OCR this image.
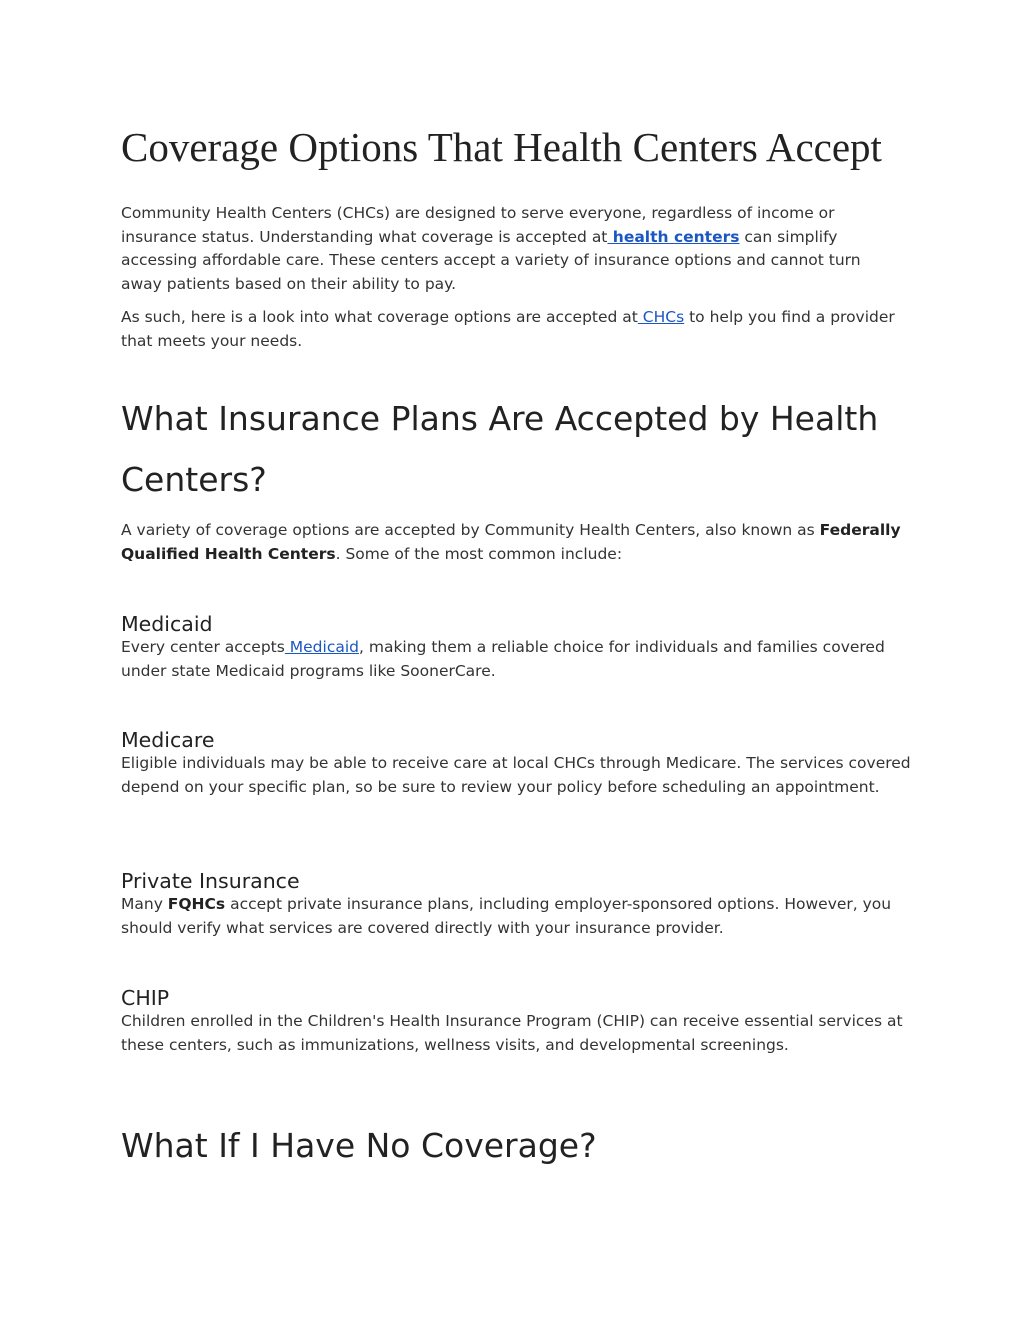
Coverage Options That Health Centers Accept

Community Health Centers (CHCs) are designed to serve everyone, regardless of income or insurance status. Understanding what coverage is accepted at health centers can simplify accessing affordable care. These centers accept a variety of insurance options and cannot turn away patients based on their ability to pay.

As such, here is a look into what coverage options are accepted at CHCs to help you find a provider that meets your needs.

What Insurance Plans Are Accepted by Health Centers?

A variety of coverage options are accepted by Community Health Centers, also known as Federally Qualified Health Centers. Some of the most common include:

Medicaid

Every center accepts Medicaid, making them a reliable choice for individuals and families covered under state Medicaid programs like SoonerCare.

Medicare

Eligible individuals may be able to receive care at local CHCs through Medicare. The services covered depend on your specific plan, so be sure to review your policy before scheduling an appointment.

Private Insurance

Many FQHCs accept private insurance plans, including employer-sponsored options. However, you should verify what services are covered directly with your insurance provider.

CHIP

Children enrolled in the Children's Health Insurance Program (CHIP) can receive essential services at these centers, such as immunizations, wellness visits, and developmental screenings.

What If I Have No Coverage?
